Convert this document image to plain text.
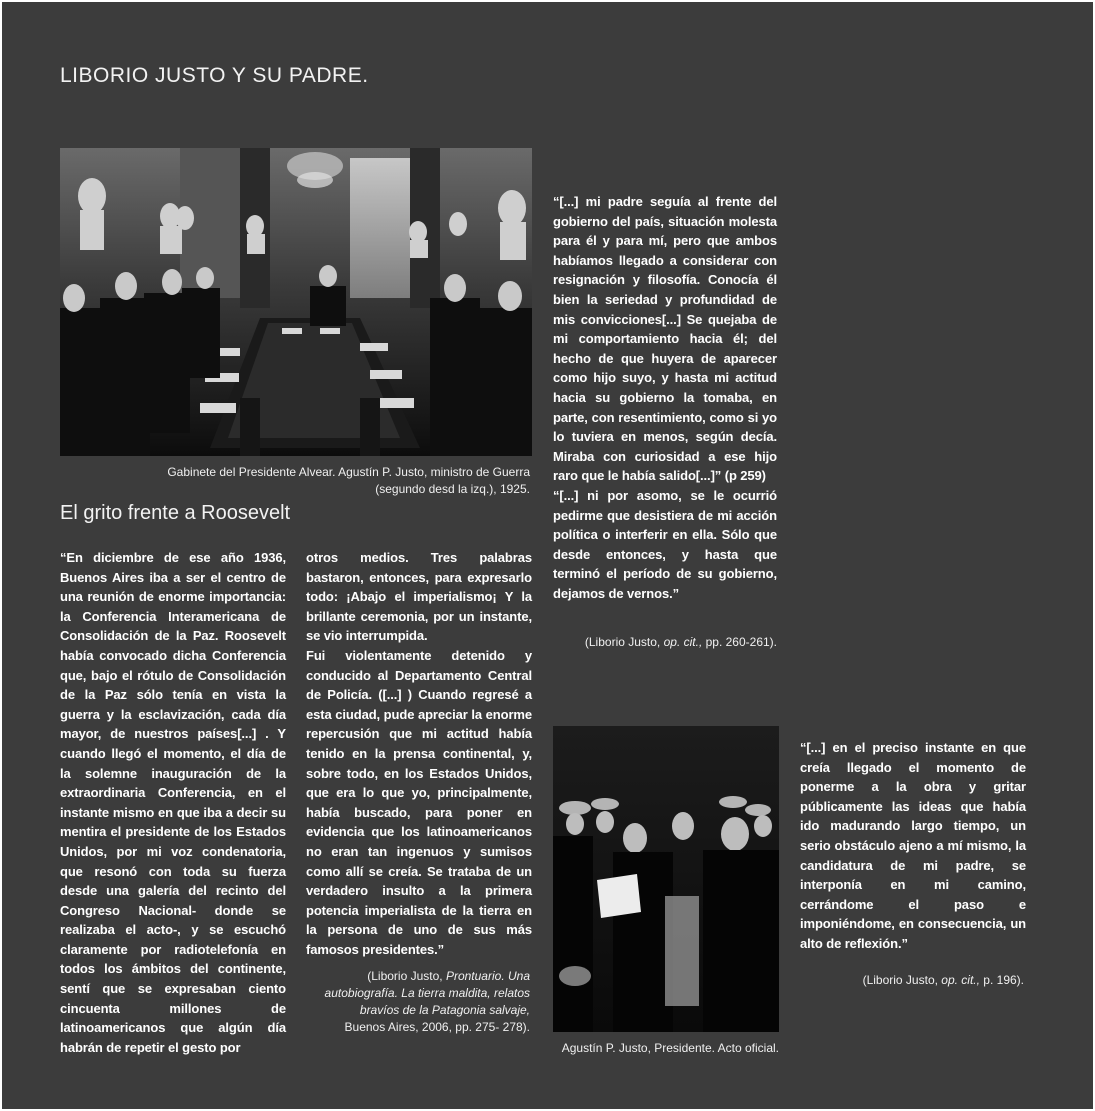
LIBORIO JUSTO Y SU PADRE.
Gabinete del Presidente Alvear. Agustín P. Justo, ministro de Guerra
(segundo desd la izq.), 1925.
El grito frente a Roosevelt

“En diciembre de ese año 1936, Buenos Aires iba a ser el centro de una reunión de enorme importancia: la Conferencia Interamericana de Consolidación de la Paz. Roosevelt había convocado dicha Conferencia que, bajo el rótulo de Consolidación de la Paz sólo tenía en vista la guerra y la esclavización, cada día mayor, de nuestros países[...] . Y cuando llegó el momento, el día de la solemne inauguración de la extraordinaria Conferencia, en el instante mismo en que iba a decir su mentira el presidente de los Estados Unidos, por mi voz condenatoria, que resonó con toda su fuerza desde una galería del recinto del Congreso Nacional- donde se realizaba el acto-, y se escuchó claramente por radiotelefonía en todos los ámbitos del continente, sentí que se expresaban ciento cincuenta millones de latinoamericanos que algún día habrán de repetir el gesto por

otros medios. Tres palabras bastaron, entonces, para expresarlo todo: ¡Abajo el imperialismo¡ Y la brillante ceremonia, por un instante, se vio interrumpida.

Fui violentamente detenido y conducido al Departamento Central de Policía. ([...] ) Cuando regresé a esta ciudad, pude apreciar la enorme repercusión que mi actitud había tenido en la prensa continental, y, sobre todo, en los Estados Unidos, que era lo que yo, principalmente, había buscado, para poner en evidencia que los latinoamericanos no eran tan ingenuos y sumisos como allí se creía. Se trataba de un verdadero insulto a la primera potencia imperialista de la tierra en la persona de uno de sus más famosos presidentes.”

(Liborio Justo, Prontuario. Una autobiografía. La tierra maldita, relatos bravíos de la Patagonia salvaje,
Buenos Aires, 2006, pp. 275- 278).

“[...] mi padre seguía al frente del gobierno del país, situación molesta para él y para mí, pero que ambos habíamos llegado a considerar con resignación y filosofía. Conocía él bien la seriedad y profundidad de mis convicciones[...] Se quejaba de mi comportamiento hacia él; del hecho de que huyera de aparecer como hijo suyo, y hasta mi actitud hacia su gobierno la tomaba, en parte, con resentimiento, como si yo lo tuviera en menos, según decía. Miraba con curiosidad a ese hijo raro que le había salido[...]” (p 259)

“[...] ni por asomo, se le ocurrió pedirme que desistiera de mi acción política o interferir en ella. Sólo que desde entonces, y hasta que terminó el período de su gobierno, dejamos de vernos.”

(Liborio Justo, op. cit., pp. 260-261).
Agustín P. Justo, Presidente. Acto oficial.

“[...] en el preciso instante en que creía llegado el momento de ponerme a la obra y gritar públicamente las ideas que había ido madurando largo tiempo, un serio obstáculo ajeno a mí mismo, la candidatura de mi padre, se interponía en mi camino, cerrándome el paso e imponiéndome, en consecuencia, un alto de reflexión.”

(Liborio Justo, op. cit., p. 196).
